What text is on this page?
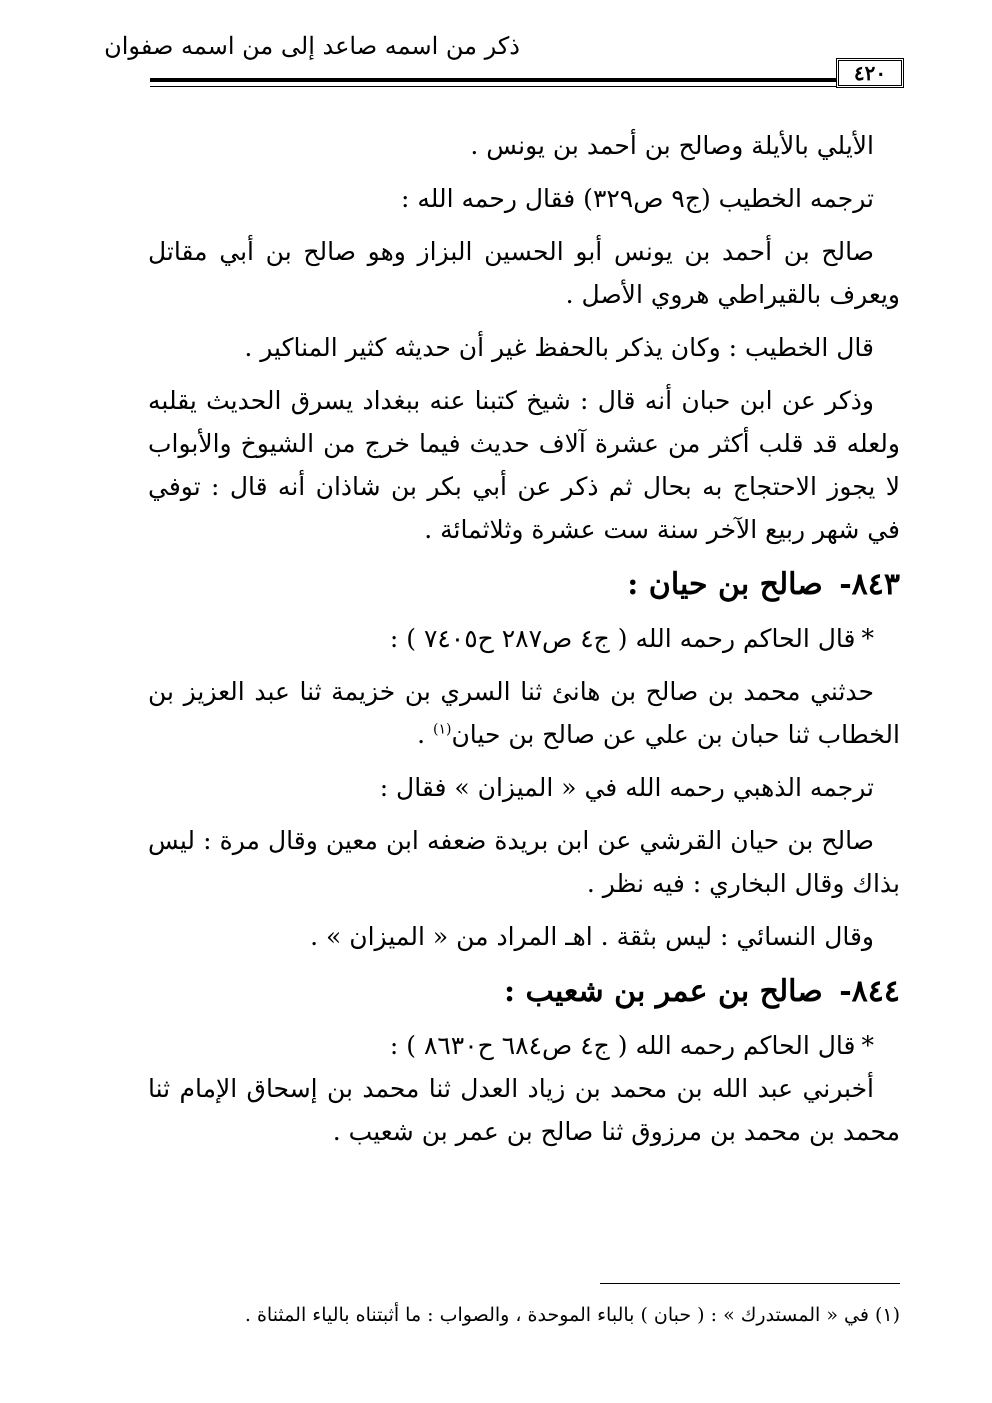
ذكر من اسمه صاعد إلى من اسمه صفوان
٤٢٠

الأيلي بالأيلة وصالح بن أحمد بن يونس .

ترجمه الخطيب (ج٩ ص٣٢٩) فقال رحمه الله :

صالح بن أحمد بن يونس أبو الحسين البزاز وهو صالح بن أبي مقاتل ويعرف بالقيراطي هروي الأصل .

قال الخطيب : وكان يذكر بالحفظ غير أن حديثه كثير المناكير .

وذكر عن ابن حبان أنه قال : شيخ كتبنا عنه ببغداد يسرق الحديث يقلبه ولعله قد قلب أكثر من عشرة آلاف حديث فيما خرج من الشيوخ والأبواب لا يجوز الاحتجاج به بحال ثم ذكر عن أبي بكر بن شاذان أنه قال : توفي في شهر ربيع الآخر سنة ست عشرة وثلاثمائة .

٨٤٣- صالح بن حيان :

*قال الحاكم رحمه الله ( ج٤ ص٢٨٧ ح٧٤٠٥ ) :

حدثني محمد بن صالح بن هانئ ثنا السري بن خزيمة ثنا عبد العزيز بن الخطاب ثنا حبان بن علي عن صالح بن حيان$^{(١)}$ .

ترجمه الذهبي رحمه الله في « الميزان » فقال :

صالح بن حيان القرشي عن ابن بريدة ضعفه ابن معين وقال مرة : ليس بذاك وقال البخاري : فيه نظر .

وقال النسائي : ليس بثقة . اهـ المراد من « الميزان » .

٨٤٤- صالح بن عمر بن شعيب :

*قال الحاكم رحمه الله ( ج٤ ص٦٨٤ ح٨٦٣٠ ) :

أخبرني عبد الله بن محمد بن زياد العدل ثنا محمد بن إسحاق الإمام ثنا محمد بن محمد بن مرزوق ثنا صالح بن عمر بن شعيب .

(١) في « المستدرك » : ( حبان ) بالباء الموحدة ، والصواب : ما أثبتناه بالياء المثناة .
